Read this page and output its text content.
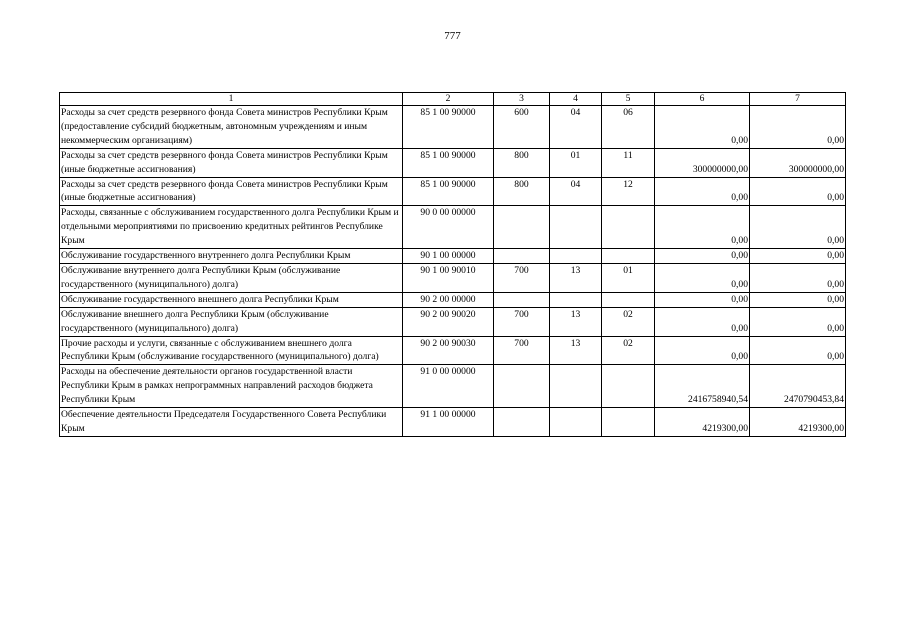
777
1	2	3	4	5	6	7
Расходы за счет средств резервного фонда Совета министров Республики Крым (предоставление субсидий бюджетным, автономным учреждениям и иным некоммерческим организациям)	85 1 00 90000	600	04	06	0,00	0,00
Расходы за счет средств резервного фонда Совета министров Республики Крым (иные бюджетные ассигнования)	85 1 00 90000	800	01	11	300000000,00	300000000,00
Расходы за счет средств резервного фонда Совета министров Республики Крым (иные бюджетные ассигнования)	85 1 00 90000	800	04	12	0,00	0,00
Расходы, связанные с обслуживанием государственного долга Республики Крым и отдельными мероприятиями по присвоению кредитных рейтингов Республике Крым	90 0 00 00000				0,00	0,00
Обслуживание государственного внутреннего долга Республики Крым	90 1 00 00000				0,00	0,00
Обслуживание внутреннего долга Республики Крым (обслуживание государственного (муниципального) долга)	90 1 00 90010	700	13	01	0,00	0,00
Обслуживание государственного внешнего долга Республики Крым	90 2 00 00000				0,00	0,00
Обслуживание внешнего долга Республики Крым (обслуживание государственного (муниципального) долга)	90 2 00 90020	700	13	02	0,00	0,00
Прочие расходы и услуги, связанные с обслуживанием внешнего долга Республики Крым (обслуживание государственного (муниципального) долга)	90 2 00 90030	700	13	02	0,00	0,00
Расходы на обеспечение деятельности органов государственной власти Республики Крым в рамках непрограммных направлений расходов бюджета Республики Крым	91 0 00 00000				2416758940,54	2470790453,84
Обеспечение деятельности Председателя Государственного Совета Республики Крым	91 1 00 00000				4219300,00	4219300,00
